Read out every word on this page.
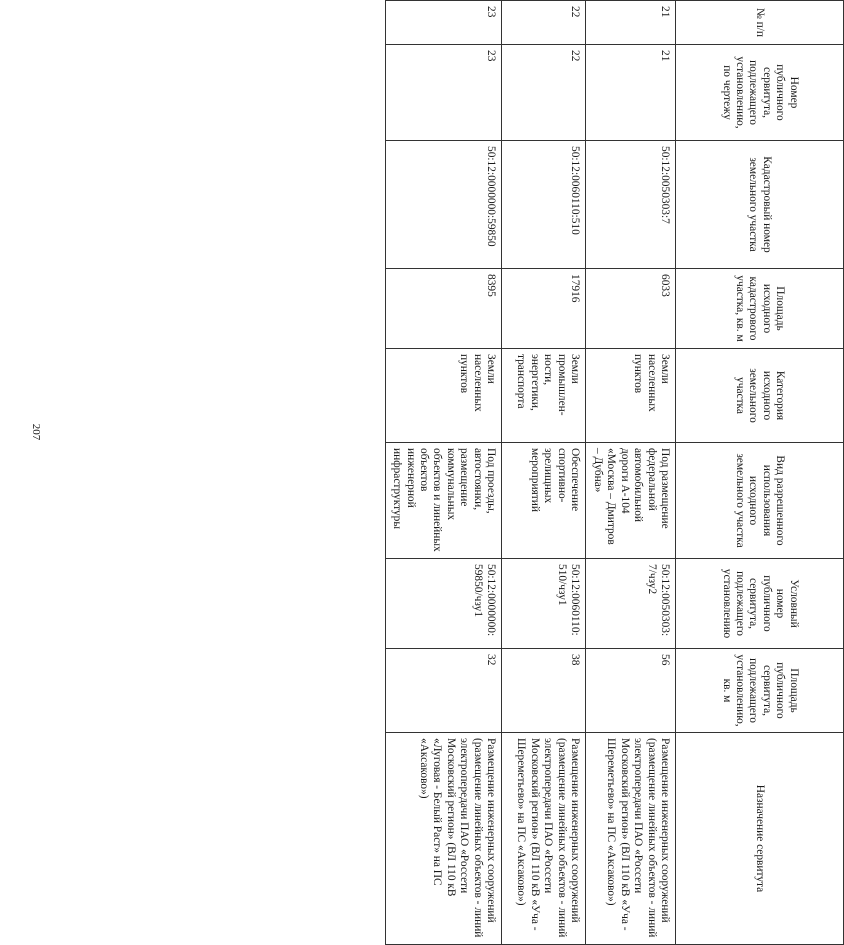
207
№ п/п	Номер публичного сервитута, подлежащего установлению, по чертежу	Кадастровый номер земельного участка	Площадь исходного кадастрового участка, кв. м	Категория исходного земельного участка	Вид разрешенного использования исходного земельного участка	Условный номер публичного сервитута, подлежащего установлению	Площадь публичного сервитута, подлежащего установлению, кв. м	Назначение сервитута
21	21	50:12:0050303:7	6033	Земли населенных пунктов	Под размещение федеральной автомобильной дороги А-104 «Москва – Дмитров – Дубна»	50:12:0050303: 7/чзу2	56	Размещение инженерных сооружений (размещение линейных объектов - линий электропередачи ПАО «Россети Московский регион» (ВЛ 110 кВ «Уча - Шереметьево» на ПС «Аксаково»)
22	22	50:12:0060110:510	17916	Земли промышлен- ности, энергетики, транспорта	Обеспечение спортивно- зрелищных мероприятий	50:12:0060110: 510/чзу1	38	Размещение инженерных сооружений (размещение линейных объектов - линий электропередачи ПАО «Россети Московский регион» (ВЛ 110 кВ «Уча - Шереметьево» на ПС «Аксаково»)
23	23	50:12:0000000:59850	8395	Земли населенных пунктов	Под проезды, автостоянки, размещение коммунальных объектов и линейных объектов инженерной инфраструктуры	50:12:0000000: 59850/чзу1	32	Размещение инженерных сооружений (размещение линейных объектов - линий электропередачи ПАО «Россети Московский регион» (ВЛ 110 кВ «Луговая - Белый Раст» на ПС «Аксаково»)
